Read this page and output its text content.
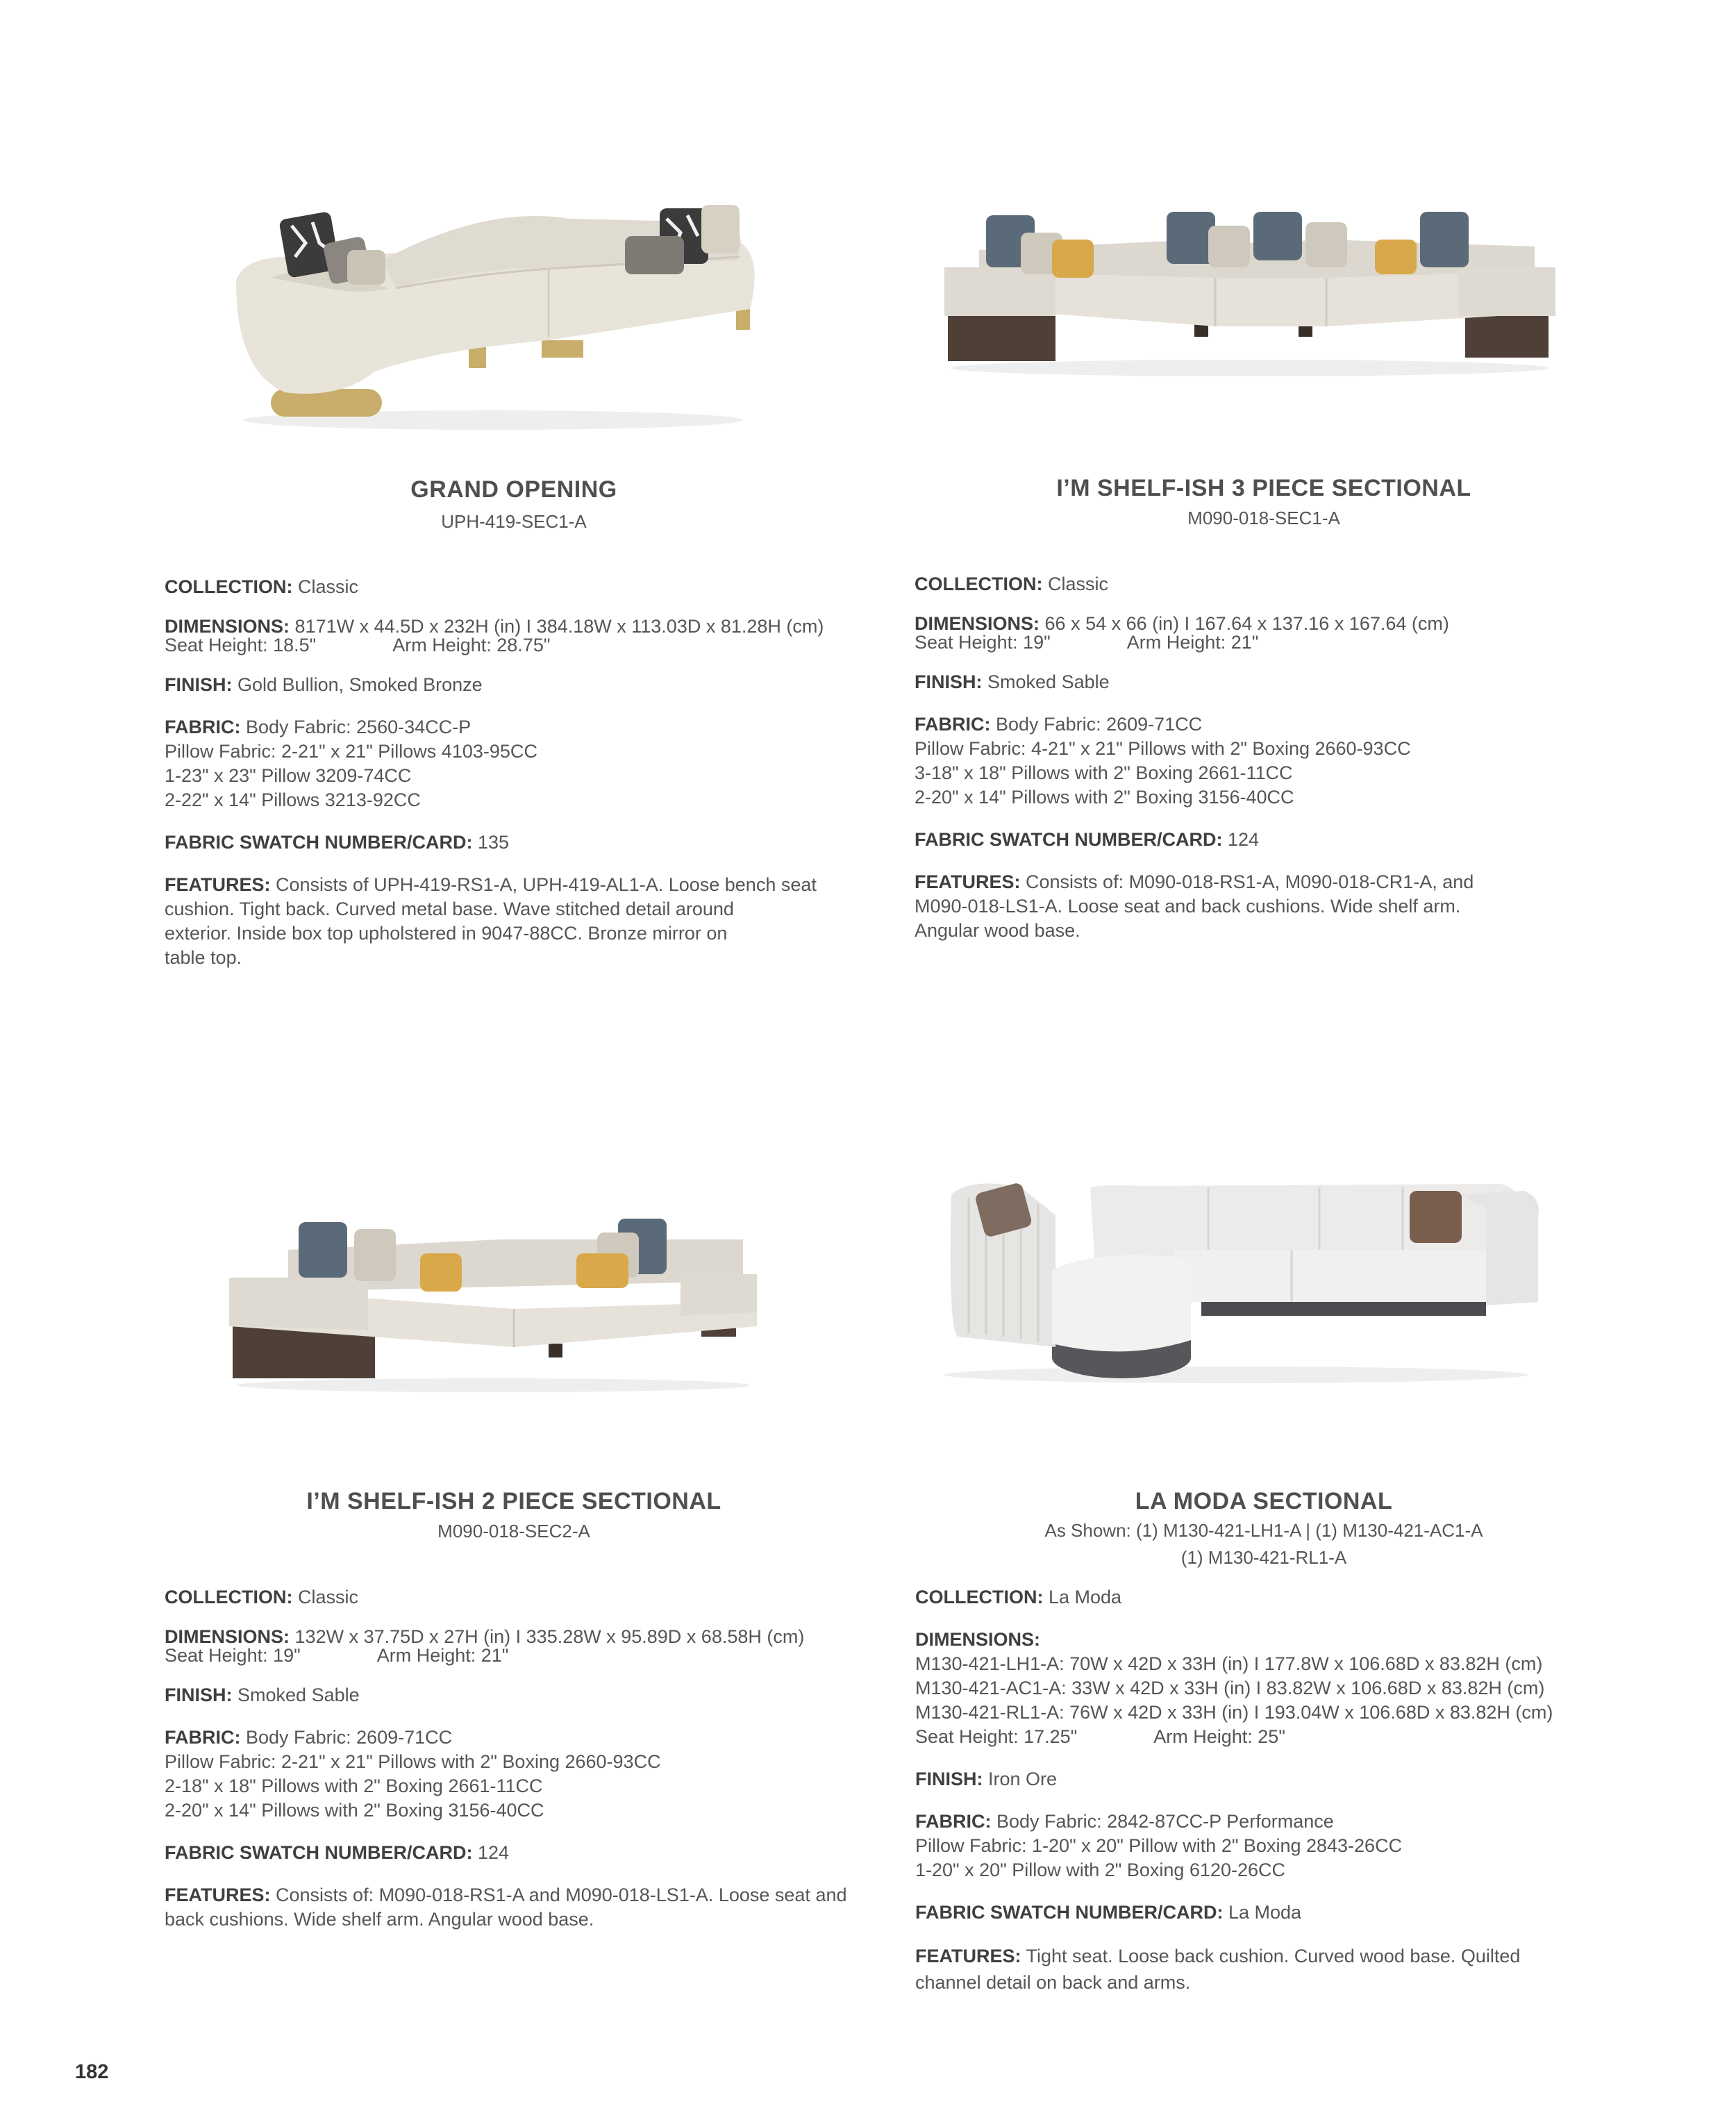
GRAND OPENING
UPH-419-SEC1-A
COLLECTION: Classic
DIMENSIONS: 8171W x 44.5D x 232H (in) I 384.18W x 113.03D x 81.28H (cm)
Seat Height: 18.5"	Arm Height: 28.75"
FINISH: Gold Bullion, Smoked Bronze
FABRIC: Body Fabric: 2560-34CC-P
Pillow Fabric: 2-21" x 21" Pillows 4103-95CC
1-23" x 23" Pillow 3209-74CC
2-22" x 14" Pillows 3213-92CC
FABRIC SWATCH NUMBER/CARD: 135
FEATURES: Consists of UPH-419-RS1-A, UPH-419-AL1-A. Loose bench seat
cushion. Tight back. Curved metal base. Wave stitched detail around
exterior. Inside box top upholstered in 9047-88CC. Bronze mirror on
table top.
I’M SHELF-ISH 3 PIECE SECTIONAL
M090-018-SEC1-A
COLLECTION: Classic
DIMENSIONS: 66 x 54 x 66 (in) I 167.64 x 137.16 x 167.64 (cm)
Seat Height: 19"	Arm Height: 21"
FINISH: Smoked Sable
FABRIC: Body Fabric: 2609-71CC
Pillow Fabric: 4-21" x 21" Pillows with 2" Boxing 2660-93CC
3-18" x 18" Pillows with 2" Boxing 2661-11CC
2-20" x 14" Pillows with 2" Boxing 3156-40CC
FABRIC SWATCH NUMBER/CARD: 124
FEATURES: Consists of: M090-018-RS1-A, M090-018-CR1-A, and
M090-018-LS1-A. Loose seat and back cushions. Wide shelf arm.
Angular wood base.
I’M SHELF-ISH 2 PIECE SECTIONAL
M090-018-SEC2-A
COLLECTION: Classic
DIMENSIONS: 132W x 37.75D x 27H (in) I 335.28W x 95.89D x 68.58H (cm)
Seat Height: 19"	Arm Height: 21"
FINISH: Smoked Sable
FABRIC: Body Fabric: 2609-71CC
Pillow Fabric: 2-21" x 21" Pillows with 2" Boxing 2660-93CC
2-18" x 18" Pillows with 2" Boxing 2661-11CC
2-20" x 14" Pillows with 2" Boxing 3156-40CC
FABRIC SWATCH NUMBER/CARD: 124
FEATURES: Consists of: M090-018-RS1-A and M090-018-LS1-A. Loose seat and
back cushions. Wide shelf arm. Angular wood base.
LA MODA SECTIONAL
As Shown: (1) M130-421-LH1-A | (1) M130-421-AC1-A
(1) M130-421-RL1-A
COLLECTION: La Moda
DIMENSIONS:
M130-421-LH1-A: 70W x 42D x 33H (in) I 177.8W x 106.68D x 83.82H (cm)
M130-421-AC1-A: 33W x 42D x 33H (in) I 83.82W x 106.68D x 83.82H (cm)
M130-421-RL1-A: 76W x 42D x 33H (in) I 193.04W x 106.68D x 83.82H (cm)
Seat Height: 17.25"	Arm Height: 25"
FINISH: Iron Ore
FABRIC: Body Fabric: 2842-87CC-P Performance
Pillow Fabric: 1-20" x 20" Pillow with 2" Boxing 2843-26CC
1-20" x 20" Pillow with 2" Boxing 6120-26CC
FABRIC SWATCH NUMBER/CARD: La Moda
FEATURES: Tight seat. Loose back cushion. Curved wood base. Quilted
channel detail on back and arms.
182
